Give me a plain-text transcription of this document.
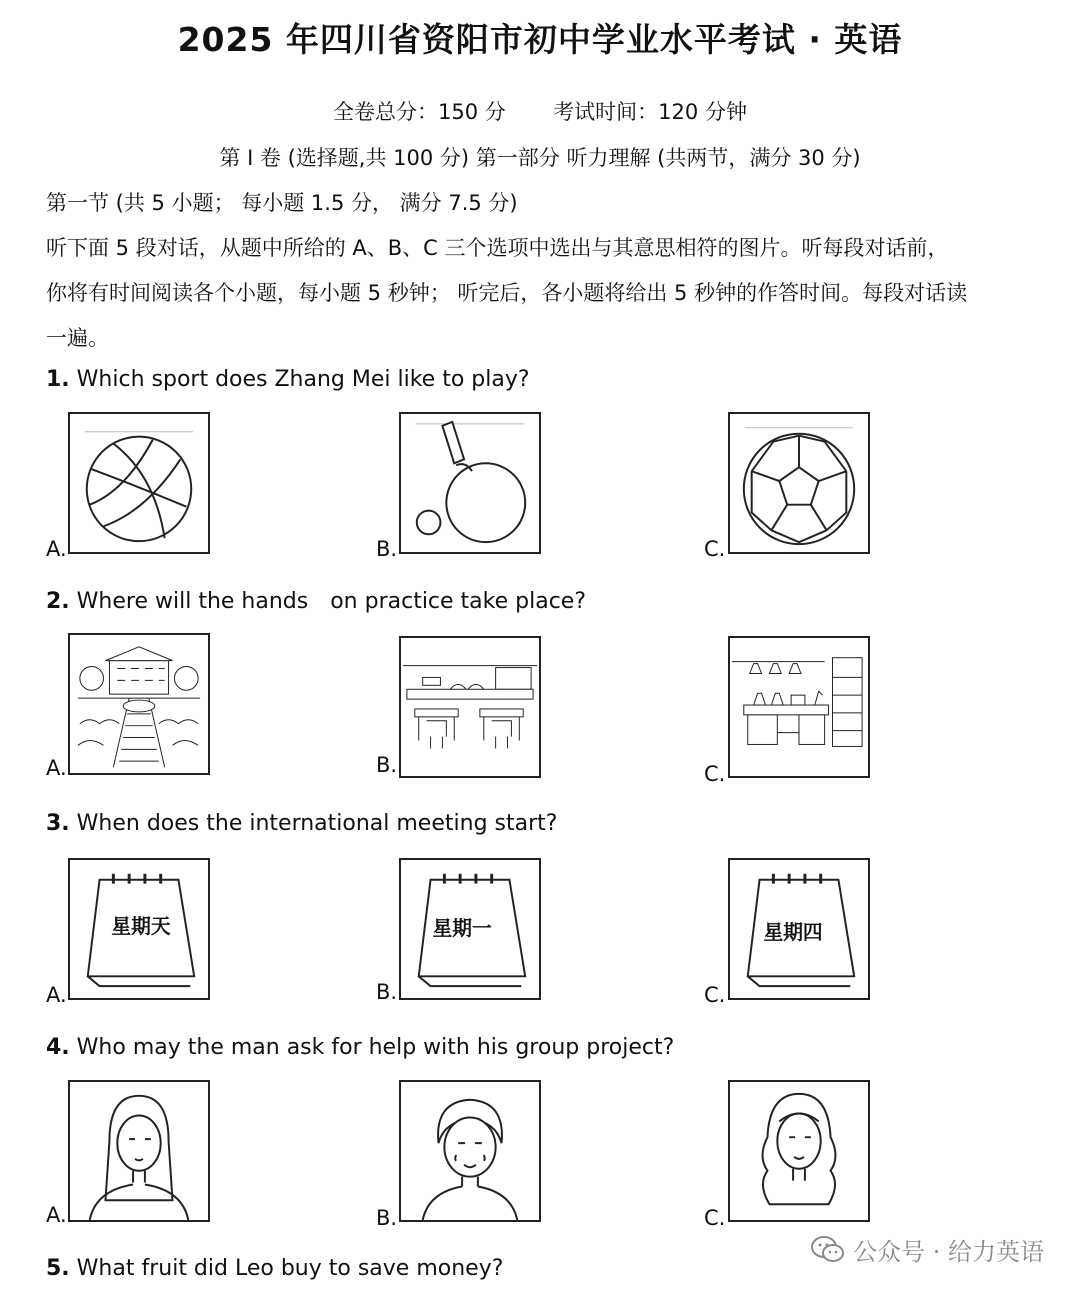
2025 年四川省资阳市初中学业水平考试 · 英语
全卷总分：150 分 考试时间：120 分钟
第 Ⅰ 卷 (选择题,共 100 分) 第一部分 听力理解 (共两节，满分 30 分)
第一节 (共 5 小题； 每小题 1.5 分， 满分 7.5 分)
听下面 5 段对话，从题中所给的 A、B、C 三个选项中选出与其意思相符的图片。听每段对话前，
你将有时间阅读各个小题，每小题 5 秒钟； 听完后，各小题将给出 5 秒钟的作答时间。每段对话读
一遍。
1. Which sport does Zhang Mei like to play?
A.	B.	C.
2. Where will the hands on practice take place?
A.	B.	C.
3. When does the international meeting start?
A.
星期天
B.
星期一
C.
星期四
4. Who may the man ask for help with his group project?
A.	B.	C.
5. What fruit did Leo buy to save money?
公众号 · 给力英语
